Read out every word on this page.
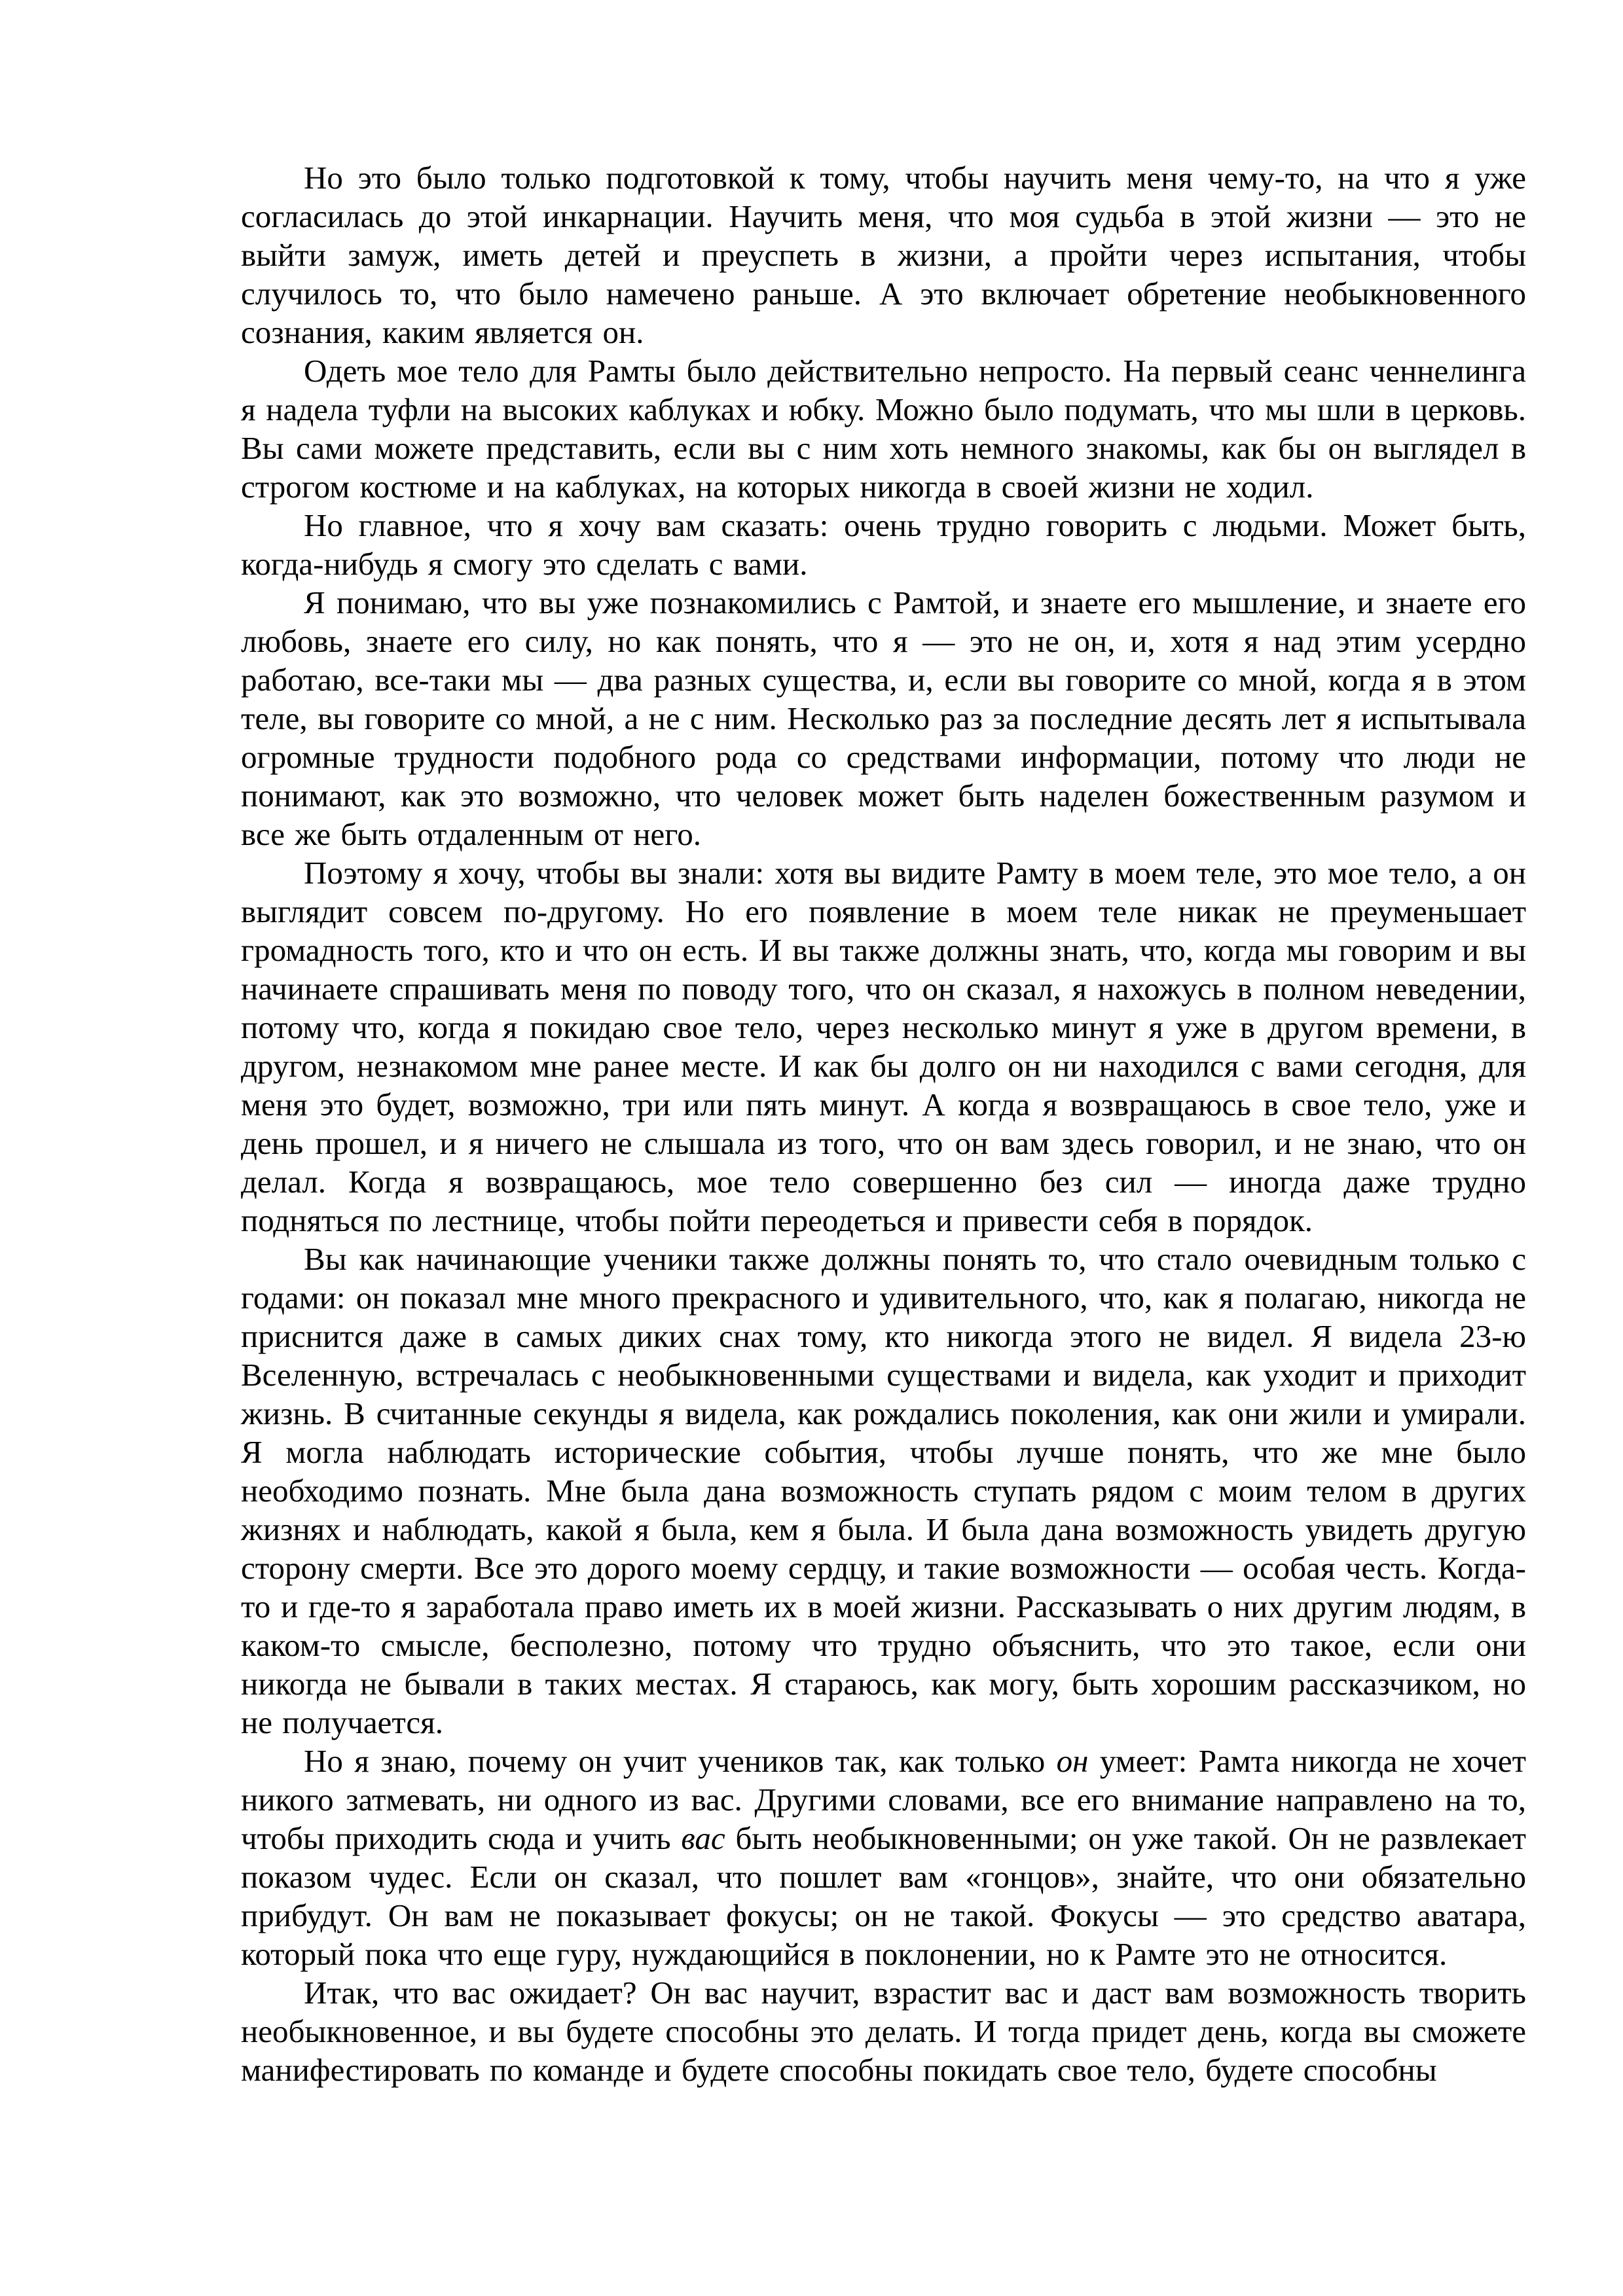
Но это было только подготовкой к тому, чтобы научить меня чему-то, на что я уже согласилась до этой инкарнации. Научить меня, что моя судьба в этой жизни — это не выйти замуж, иметь детей и преуспеть в жизни, а пройти через испытания, чтобы случилось то, что было намечено раньше. А это включает обретение необыкновенного сознания, каким является он.

Одеть мое тело для Рамты было действительно непросто. На первый сеанс ченнелинга я надела туфли на высоких каблуках и юбку. Можно было подумать, что мы шли в церковь. Вы сами можете представить, если вы с ним хоть немного знакомы, как бы он выглядел в строгом костюме и на каблуках, на которых никогда в своей жизни не ходил.

Но главное, что я хочу вам сказать: очень трудно говорить с людьми. Может быть, когда-нибудь я смогу это сделать с вами.

Я понимаю, что вы уже познакомились с Рамтой, и знаете его мышление, и знаете его любовь, знаете его силу, но как понять, что я — это не он, и, хотя я над этим усердно работаю, все-таки мы — два разных существа, и, если вы говорите со мной, когда я в этом теле, вы говорите со мной, а не с ним. Несколько раз за последние десять лет я испытывала огромные трудности подобного рода со средствами информации, потому что люди не понимают, как это возможно, что человек может быть наделен божественным разумом и все же быть отдаленным от него.

Поэтому я хочу, чтобы вы знали: хотя вы видите Рамту в моем теле, это мое тело, а он выглядит совсем по-другому. Но его появление в моем теле никак не преуменьшает громадность того, кто и что он есть. И вы также должны знать, что, когда мы говорим и вы начинаете спрашивать меня по поводу того, что он сказал, я нахожусь в полном неведении, потому что, когда я покидаю свое тело, через несколько минут я уже в другом времени, в другом, незнакомом мне ранее месте. И как бы долго он ни находился с вами сегодня, для меня это будет, возможно, три или пять минут. А когда я возвращаюсь в свое тело, уже и день прошел, и я ничего не слышала из того, что он вам здесь говорил, и не знаю, что он делал. Когда я возвращаюсь, мое тело совершенно без сил — иногда даже трудно подняться по лестнице, чтобы пойти переодеться и привести себя в порядок.

Вы как начинающие ученики также должны понять то, что стало очевидным только с годами: он показал мне много прекрасного и удивительного, что, как я полагаю, никогда не приснится даже в самых диких снах тому, кто никогда этого не видел. Я видела 23-ю Вселенную, встречалась с необыкновенными существами и видела, как уходит и приходит жизнь. В считанные секунды я видела, как рождались поколения, как они жили и умирали. Я могла наблюдать исторические события, чтобы лучше понять, что же мне было необходимо познать. Мне была дана возможность ступать рядом с моим телом в других жизнях и наблюдать, какой я была, кем я была. И была дана возможность увидеть другую сторону смерти. Все это дорого моему сердцу, и такие возможности — особая честь. Когда-то и где-то я заработала право иметь их в моей жизни. Рассказывать о них другим людям, в каком-то смысле, бесполезно, потому что трудно объяснить, что это такое, если они никогда не бывали в таких местах. Я стараюсь, как могу, быть хорошим рассказчиком, но не получается.

Но я знаю, почему он учит учеников так, как только он умеет: Рамта никогда не хочет никого затмевать, ни одного из вас. Другими словами, все его внимание направлено на то, чтобы приходить сюда и учить вас быть необыкновенными; он уже такой. Он не развлекает показом чудес. Если он сказал, что пошлет вам «гонцов», знайте, что они обязательно прибудут. Он вам не показывает фокусы; он не такой. Фокусы — это средство аватара, который пока что еще гуру, нуждающийся в поклонении, но к Рамте это не относится.

Итак, что вас ожидает? Он вас научит, взрастит вас и даст вам возможность творить необыкновенное, и вы будете способны это делать. И тогда придет день, когда вы сможете манифестировать по команде и будете способны покидать свое тело, будете способны
